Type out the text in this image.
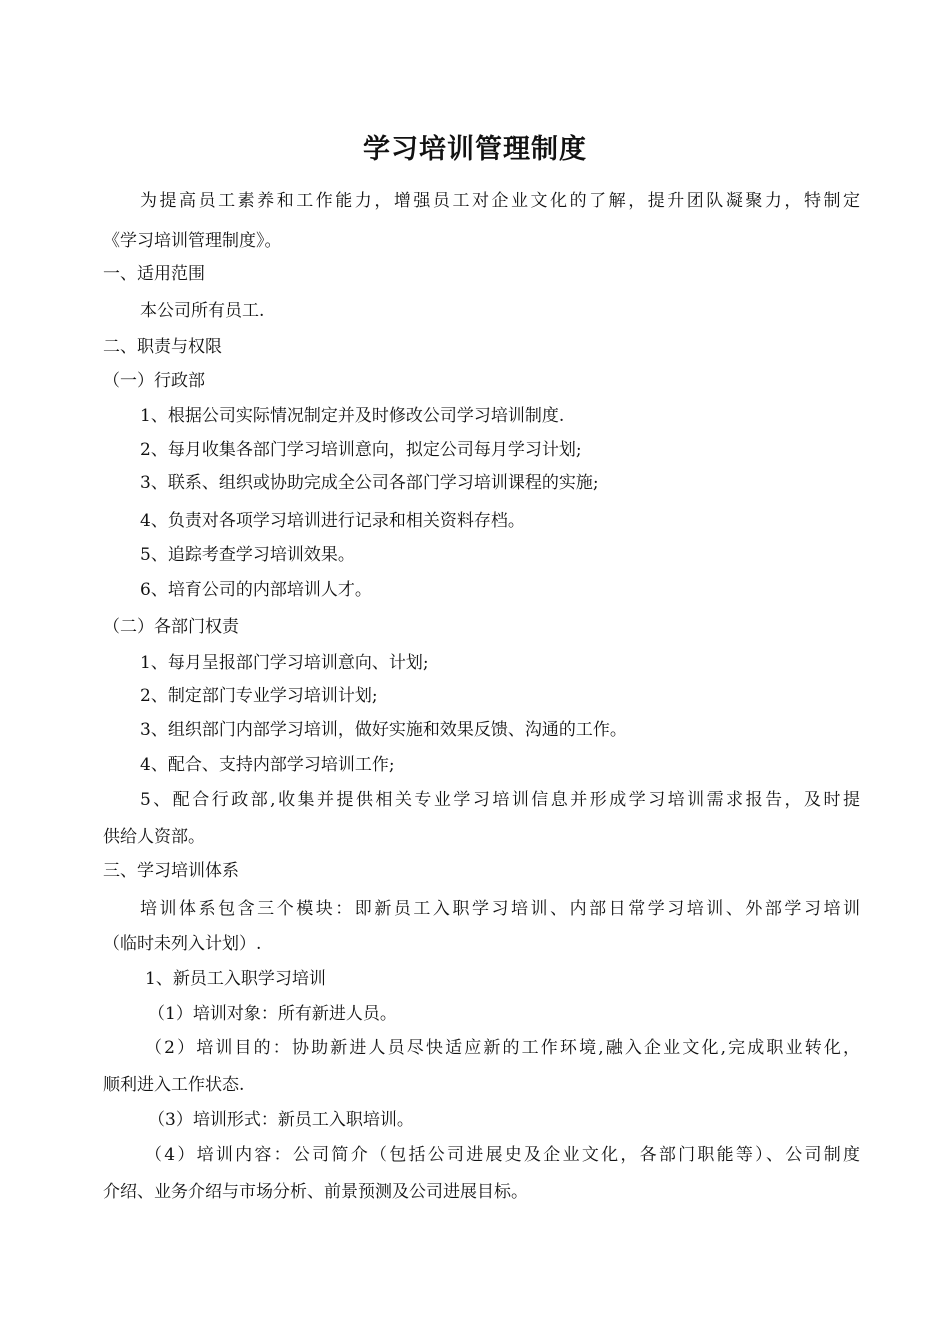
学习培训管理制度
为提高员工素养和工作能力，增强员工对企业文化的了解，提升团队凝聚力，特制定
《学习培训管理制度》。
一、适用范围
本公司所有员工.
二、职责与权限
（一）行政部
1、根据公司实际情况制定并及时修改公司学习培训制度.
2、每月收集各部门学习培训意向，拟定公司每月学习计划;
3、联系、组织或协助完成全公司各部门学习培训课程的实施;
4、负责对各项学习培训进行记录和相关资料存档。
5、追踪考查学习培训效果。
6、培育公司的内部培训人才。
（二）各部门权责
1、每月呈报部门学习培训意向、计划;
2、制定部门专业学习培训计划;
3、组织部门内部学习培训，做好实施和效果反馈、沟通的工作。
4、配合、支持内部学习培训工作;
5、配合行政部,收集并提供相关专业学习培训信息并形成学习培训需求报告，及时提
供给人资部。
三、学习培训体系
培训体系包含三个模块：即新员工入职学习培训、内部日常学习培训、外部学习培训
（临时未列入计划）.
1、新员工入职学习培训
（1）培训对象：所有新进人员。
（2）培训目的：协助新进人员尽快适应新的工作环境,融入企业文化,完成职业转化，
顺利进入工作状态.
（3）培训形式：新员工入职培训。
（4）培训内容：公司简介（包括公司进展史及企业文化，各部门职能等）、公司制度
介绍、业务介绍与市场分析、前景预测及公司进展目标。
